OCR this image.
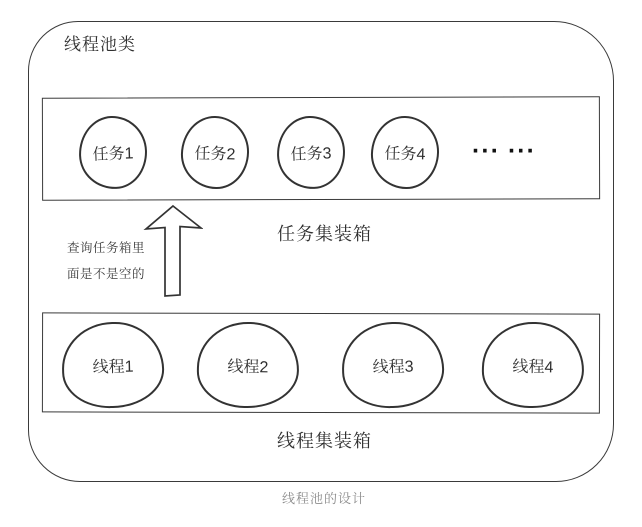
线程池类
任务1	任务2	任务3	任务4 ··· ···
任务集装箱
查询任务箱里
面是不是空的
线程1	线程2	线程3	线程4
线程集装箱
线程池的设计
